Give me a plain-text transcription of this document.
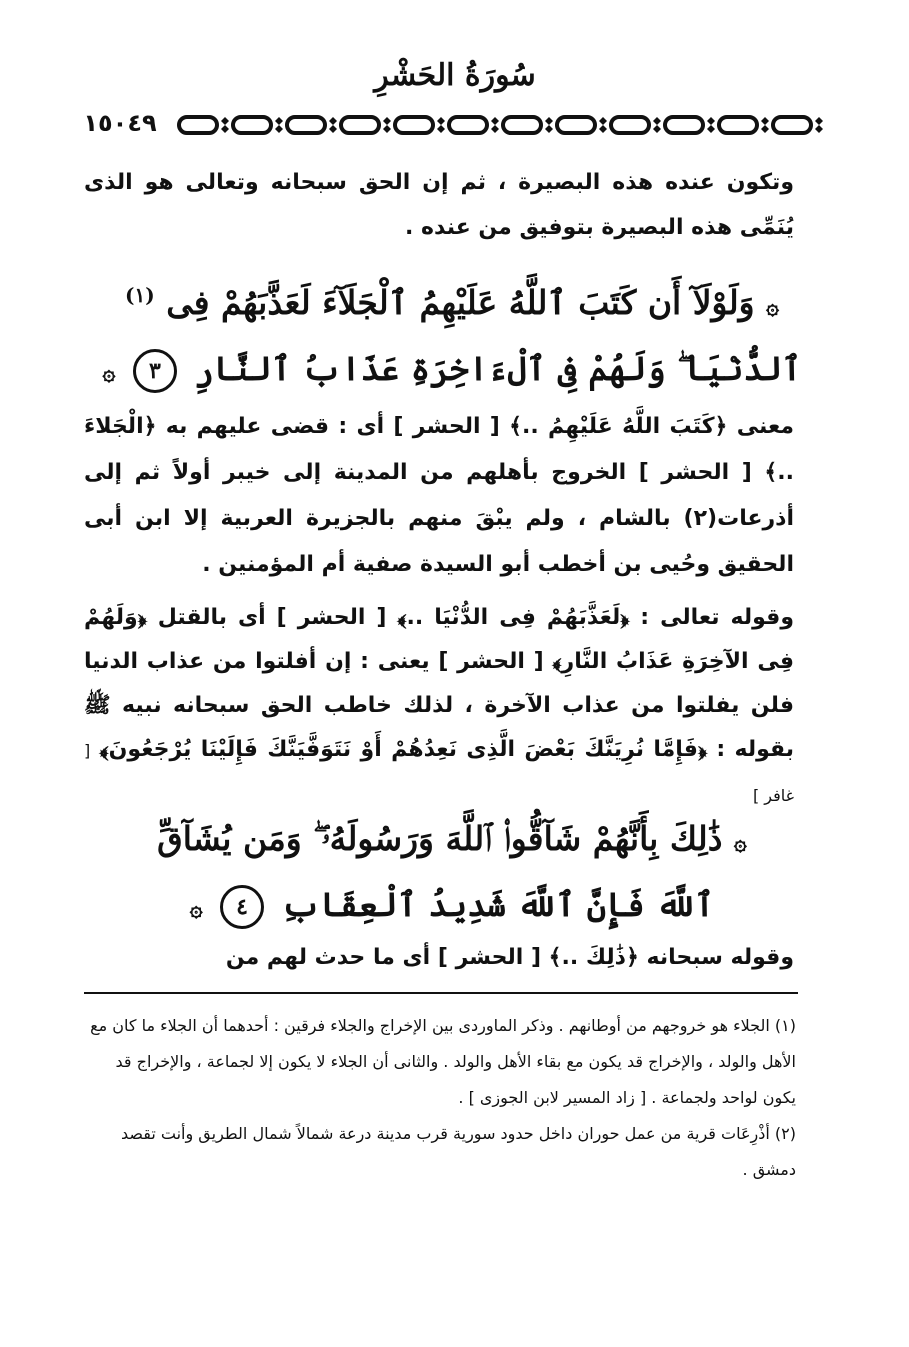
سُورَةُ الحَشْرِ
١٥٠٤٩
وتكون عنده هذه البصيرة ، ثم إن الحق سبحانه وتعالى هو الذى يُنَمِّى هذه البصيرة بتوفيق من عنده .
۞ وَلَوْلَآ أَن كَتَبَ ٱللَّهُ عَلَيْهِمُ ٱلْجَلَآءَ لَعَذَّبَهُمْ فِى $^{(١)}$
ٱلدُّنْيَا ۖ وَلَهُمْ فِى ٱلْءَاخِرَةِ عَذَابُ ٱلنَّارِ ٣ ۞
معنى ﴿كَتَبَ اللَّهُ عَلَيْهِمُ ..﴾ [ الحشر ] أى : قضى عليهم به ﴿الْجَلاءَ ..﴾ [ الحشر ] الخروج بأهلهم من المدينة إلى خيبر أولاً ثم إلى أذرعات(٢) بالشام ، ولم يبْقَ منهم بالجزيرة العربية إلا ابن أبى الحقيق وحُيى بن أخطب أبو السيدة صفية أم المؤمنين .
وقوله تعالى : ﴿لَعَذَّبَهُمْ فِى الدُّنْيَا ..﴾ [ الحشر ] أى بالقتل ﴿وَلَهُمْ فِى الآخِرَةِ عَذَابُ النَّارِ﴾ [ الحشر ] يعنى : إن أفلتوا من عذاب الدنيا فلن يفلتوا من عذاب الآخرة ، لذلك خاطب الحق سبحانه نبيه ﷺ بقوله : ﴿فَإِمَّا نُرِيَنَّكَ بَعْضَ الَّذِى نَعِدُهُمْ أَوْ نَتَوَفَّيَنَّكَ فَإِلَيْنَا يُرْجَعُونَ﴾ [ غافر ]
۞ ذَٰلِكَ بِأَنَّهُمْ شَآقُّوا۟ ٱللَّهَ وَرَسُولَهُۥ ۖ وَمَن يُشَآقِّ
ٱللَّهَ فَإِنَّ ٱللَّهَ شَدِيدُ ٱلْعِقَابِ ٤ ۞
وقوله سبحانه ﴿ذَٰلِكَ ..﴾ [ الحشر ] أى ما حدث لهم من

(١) الجلاء هو خروجهم من أوطانهم . وذكر الماوردى بين الإخراج والجلاء فرقين : أحدهما أن الجلاء ما كان مع الأهل والولد ، والإخراج قد يكون مع بقاء الأهل والولد . والثانى أن الجلاء لا يكون إلا لجماعة ، والإخراج قد يكون لواحد ولجماعة . [ زاد المسير لابن الجوزى ] .

(٢) أذْرِعَات قرية من عمل حوران داخل حدود سورية قرب مدينة درعة شمالاً شمال الطريق وأنت تقصد دمشق .
